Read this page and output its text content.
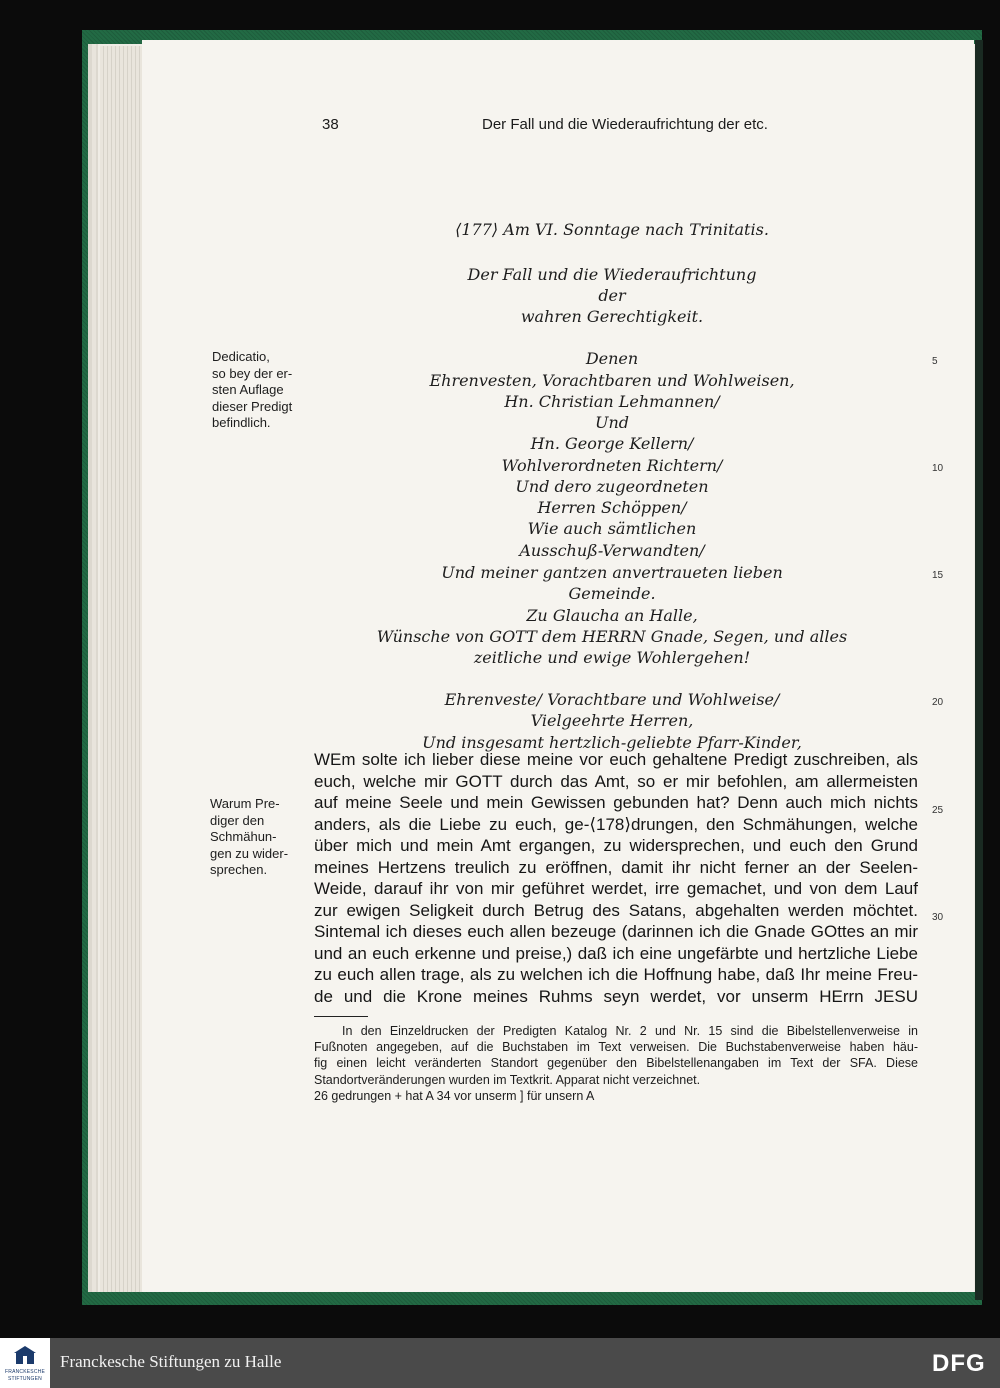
38	Der Fall und die Wiederaufrichtung der etc.
⟨177⟩ Am VI. Sonntage nach Trinitatis.
Der Fall und die Wiederaufrichtung
der
wahren Gerechtigkeit.
Denen
Ehrenvesten, Vorachtbaren und Wohlweisen,
Hn. Christian Lehmannen/
Und
Hn. George Kellern/
Wohlverordneten Richtern/
Und dero zugeordneten
Herren Schöppen/
Wie auch sämtlichen
Ausschuß-Verwandten/
Und meiner gantzen anvertraueten lieben
Gemeinde.
Zu Glaucha an Halle,
Wünsche von GOTT dem HERRN Gnade, Segen, und alles
zeitliche und ewige Wohlergehen!
Ehrenveste/ Vorachtbare und Wohlweise/
Vielgeehrte Herren,
Und insgesamt hertzlich-geliebte Pfarr-Kinder,
5
10
15
20
25
30
Dedicatio,
so bey der er-
sten Auflage
dieser Predigt
befindlich.
Warum Pre-
diger den
Schmähun-
gen zu wider-
sprechen.
WEm solte ich lieber diese meine vor euch gehaltene Predigt zuschreiben, als
euch, welche mir GOTT durch das Amt, so er mir befohlen, am allermeisten
auf meine Seele und mein Gewissen gebunden hat? Denn auch mich nichts
anders, als die Liebe zu euch, ge-⟨178⟩drungen, den Schmähungen, welche
über mich und mein Amt ergangen, zu widersprechen, und euch den Grund
meines Hertzens treulich zu eröffnen, damit ihr nicht ferner an der Seelen-
Weide, darauf ihr von mir geführet werdet, irre gemachet, und von dem Lauf
zur ewigen Seligkeit durch Betrug des Satans, abgehalten werden möchtet.
Sintemal ich dieses euch allen bezeuge (darinnen ich die Gnade GOttes an mir
und an euch erkenne und preise,) daß ich eine ungefärbte und hertzliche Liebe
zu euch allen trage, als zu welchen ich die Hoffnung habe, daß Ihr meine Freu-
de und die Krone meines Ruhms seyn werdet, vor unserm HErrn JESU
In den Einzeldrucken der Predigten Katalog Nr. 2 und Nr. 15 sind die Bibelstellenverweise in
Fußnoten angegeben, auf die Buchstaben im Text verweisen. Die Buchstabenverweise haben häu-
fig einen leicht veränderten Standort gegenüber den Bibelstellenangaben im Text der SFA. Diese
Standortveränderungen wurden im Textkrit. Apparat nicht verzeichnet.
26 gedrungen + hat A 34 vor unserm ] für unsern A
FRANCKESCHE
STIFTUNGEN
Franckesche Stiftungen zu Halle	DFG
